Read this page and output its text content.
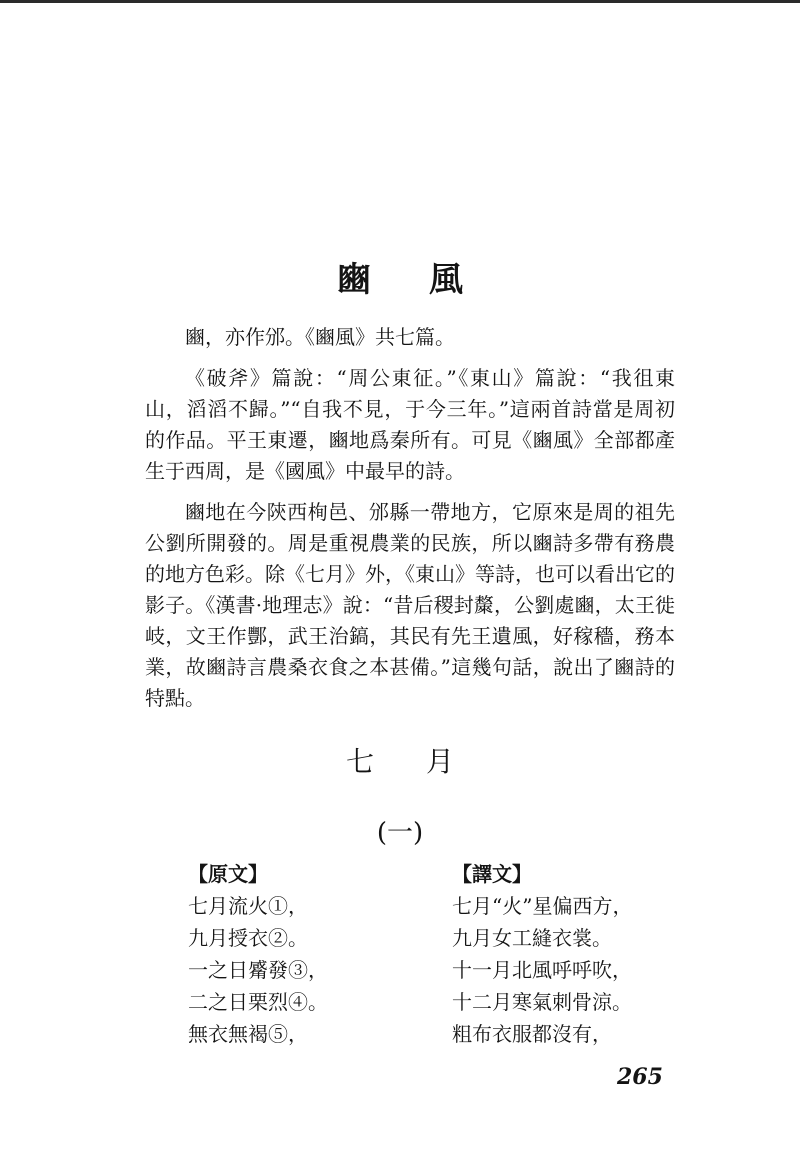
豳風

豳，亦作邠。《豳風》共七篇。

《破斧》篇說：“周公東征。”《東山》篇說：“我徂東山，滔滔不歸。”“自我不見，于今三年。”這兩首詩當是周初的作品。平王東遷，豳地爲秦所有。可見《豳風》全部都產生于西周，是《國風》中最早的詩。

豳地在今陝西栒邑、邠縣一帶地方，它原來是周的祖先公劉所開發的。周是重視農業的民族，所以豳詩多帶有務農的地方色彩。除《七月》外，《東山》等詩，也可以看出它的影子。《漢書·地理志》說：“昔后稷封斄，公劉處豳，太王徙岐，文王作酆，武王治鎬，其民有先王遺風，好稼穡，務本業，故豳詩言農桑衣食之本甚備。”這幾句話，說出了豳詩的特點。

七月
(一)
【原文】
七月流火①，
九月授衣②。
一之日觱發③，
二之日栗烈④。
無衣無褐⑤，
【譯文】
七月“火”星偏西方，
九月女工縫衣裳。
十一月北風呼呼吹，
十二月寒氣刺骨涼。
粗布衣服都沒有，
265
